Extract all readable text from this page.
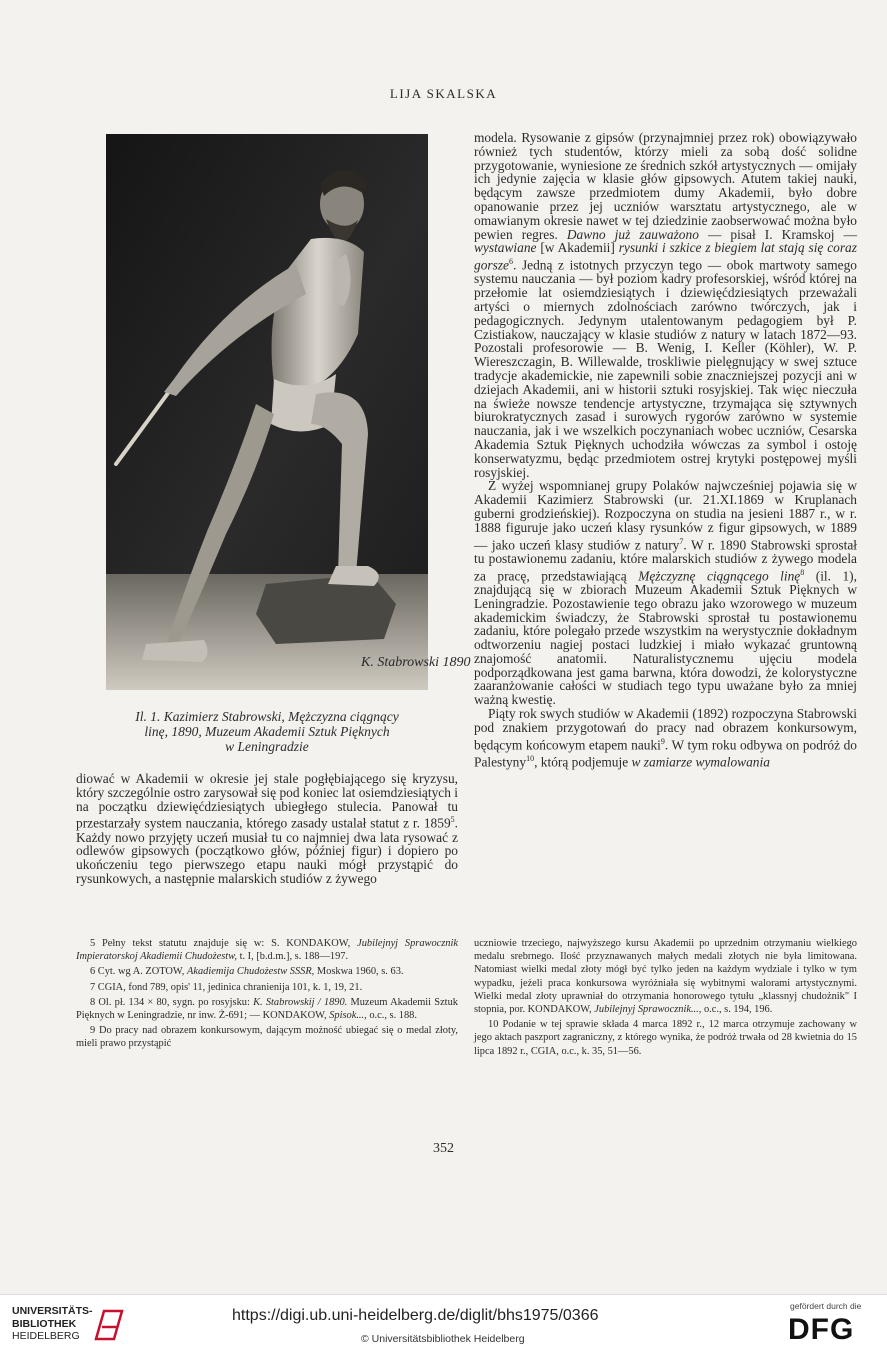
LIJA SKALSKA
K. Stabrowski 1890
Il. 1. Kazimierz Stabrowski, Mężczyzna ciągnący
linę, 1890, Muzeum Akademii Sztuk Pięknych
w Leningradzie

modela. Rysowanie z gipsów (przynajmniej przez rok) obowiązywało również tych studentów, którzy mieli za sobą dość solidne przygotowanie, wyniesione ze średnich szkół artystycznych — omijały ich jedynie zajęcia w klasie głów gipsowych. Atutem takiej nauki, będącym zawsze przedmiotem dumy Akademii, było dobre opanowanie przez jej uczniów warsztatu artystycznego, ale w omawianym okresie nawet w tej dziedzinie zaobserwować można było pewien regres. Dawno już zauważono — pisał I. Kramskoj — wystawiane [w Akademii] rysunki i szkice z biegiem lat stają się coraz gorsze$^6$. Jedną z istotnych przyczyn tego — obok martwoty samego systemu nauczania — był poziom kadry profesorskiej, wśród której na przełomie lat osiemdziesiątych i dziewięćdziesiątych przeważali artyści o miernych zdolnościach zarówno twórczych, jak i pedagogicznych. Jedynym utalentowanym pedagogiem był P. Czistiakow, nauczający w klasie studiów z natury w latach 1872—93. Pozostali profesorowie — B. Wenig, I. Keller (Köhler), W. P. Wiereszczagin, B. Willewalde, troskliwie pielęgnujący w swej sztuce tradycje akademickie, nie zapewnili sobie znaczniejszej pozycji ani w dziejach Akademii, ani w historii sztuki rosyjskiej. Tak więc nieczuła na świeże nowsze tendencje artystyczne, trzymająca się sztywnych biurokratycznych zasad i surowych rygorów zarówno w systemie nauczania, jak i we wszelkich poczynaniach wobec uczniów, Cesarska Akademia Sztuk Pięknych uchodziła wówczas za symbol i ostoję konserwatyzmu, będąc przedmiotem ostrej krytyki postępowej myśli rosyjskiej.

Z wyżej wspomnianej grupy Polaków najwcześniej pojawia się w Akademii Kazimierz Stabrowski (ur. 21.XI.1869 w Kruplanach guberni grodzieńskiej). Rozpoczyna on studia na jesieni 1887 r., w r. 1888 figuruje jako uczeń klasy rysunków z figur gipsowych, w 1889 — jako uczeń klasy studiów z natury$^7$. W r. 1890 Stabrowski sprostał tu postawionemu zadaniu, które malarskich studiów z żywego modela za pracę, przedstawiającą Mężczyznę ciągnącego linę$^8$ (il. 1), znajdującą się w zbiorach Muzeum Akademii Sztuk Pięknych w Leningradzie. Pozostawienie tego obrazu jako wzorowego w muzeum akademickim świadczy, że Stabrowski sprostał tu postawionemu zadaniu, które polegało przede wszystkim na werystycznie dokładnym odtworzeniu nagiej postaci ludzkiej i miało wykazać gruntowną znajomość anatomii. Naturalistycznemu ujęciu modela podporządkowana jest gama barwna, która dowodzi, że kolorystyczne zaaranżowanie całości w studiach tego typu uważane było za mniej ważną kwestię.

Piąty rok swych studiów w Akademii (1892) rozpoczyna Stabrowski pod znakiem przygotowań do pracy nad obrazem konkursowym, będącym końcowym etapem nauki$^9$. W tym roku odbywa on podróż do Palestyny$^{10}$, którą podjemuje w zamiarze wymalowania

diować w Akademii w okresie jej stale pogłębiającego się kryzysu, który szczególnie ostro zarysował się pod koniec lat osiemdziesiątych i na początku dziewięćdziesiątych ubiegłego stulecia. Panował tu przestarzały system nauczania, którego zasady ustalał statut z r. 1859$^5$. Każdy nowo przyjęty uczeń musiał tu co najmniej dwa lata rysować z odlewów gipsowych (początkowo głów, później figur) i dopiero po ukończeniu tego pierwszego etapu nauki mógł przystąpić do rysunkowych, a następnie malarskich studiów z żywego

5 Pełny tekst statutu znajduje się w: S. KONDAKOW, Jubilejnyj Sprawocznik Impieratorskoj Akadiemii Chudożestw, t. I, [b.d.m.], s. 188—197.

6 Cyt. wg A. ZOTOW, Akadiemija Chudożestw SSSR, Moskwa 1960, s. 63.

7 CGIA, fond 789, opis' 11, jedinica chranienija 101, k. 1, 19, 21.

8 Ol. pł. 134 × 80, sygn. po rosyjsku: K. Stabrowskij / 1890. Muzeum Akademii Sztuk Pięknych w Leningradzie, nr inw. Ż-691; — KONDAKOW, Spisok..., o.c., s. 188.

9 Do pracy nad obrazem konkursowym, dającym możność ubiegać się o medal złoty, mieli prawo przystąpić

uczniowie trzeciego, najwyższego kursu Akademii po uprzednim otrzymaniu wielkiego medalu srebrnego. Ilość przyznawanych małych medali złotych nie była limitowana. Natomiast wielki medal złoty mógł być tylko jeden na każdym wydziale i tylko w tym wypadku, jeżeli praca konkursowa wyróżniała się wybitnymi walorami artystycznymi. Wielki medal złoty uprawniał do otrzymania honorowego tytułu „klassnyj chudożnik" I stopnia, por. KONDAKOW, Jubilejnyj Sprawocznik..., o.c., s. 194, 196.

10 Podanie w tej sprawie składa 4 marca 1892 r., 12 marca otrzymuje zachowany w jego aktach paszport zagraniczny, z którego wynika, że podróż trwała od 28 kwietnia do 15 lipca 1892 r., CGIA, o.c., k. 35, 51—56.

352
UNIVERSITÄTS-
BIBLIOTHEK
HEIDELBERG
https://digi.ub.uni-heidelberg.de/diglit/bhs1975/0366
© Universitätsbibliothek Heidelberg
gefördert durch die
DFG
